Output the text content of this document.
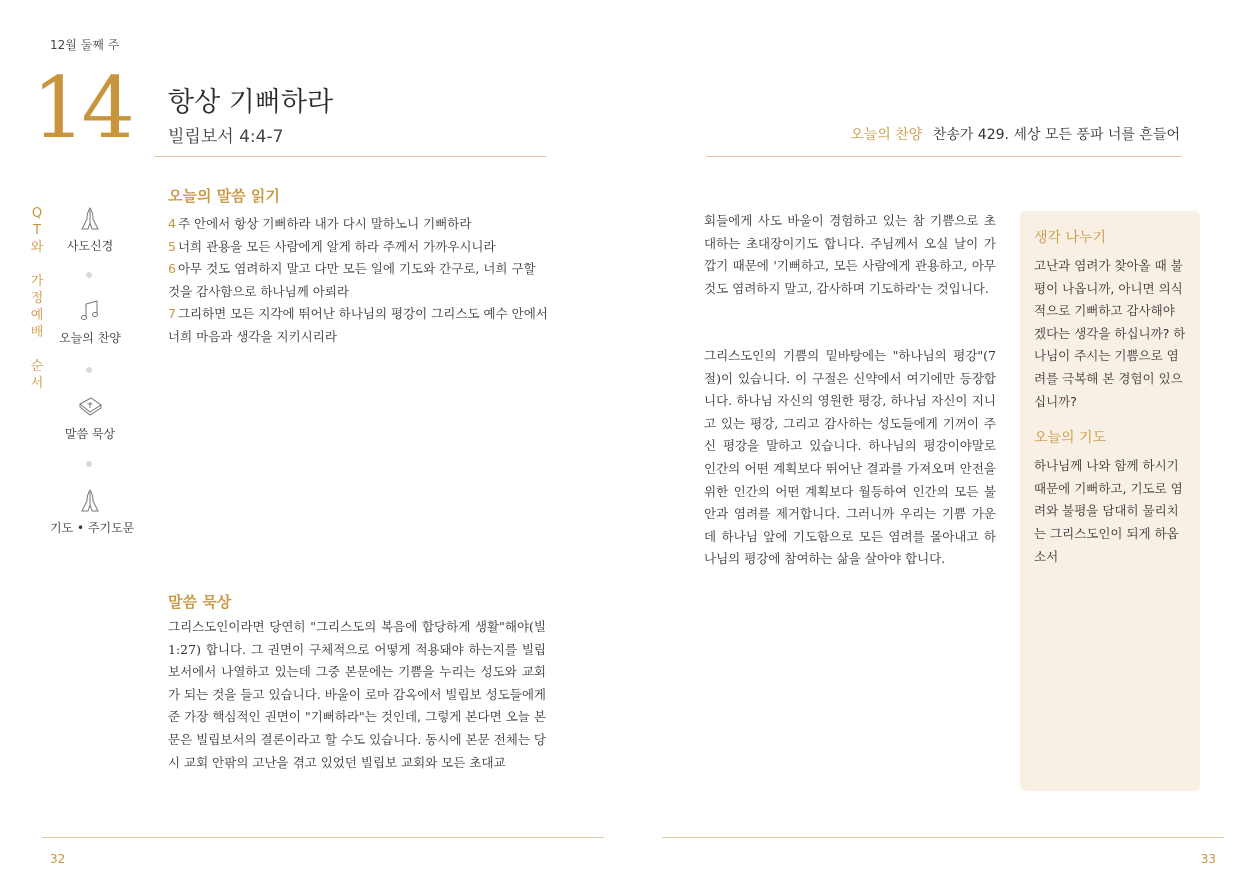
12월 둘째 주
14 항상 기뻐하라
빌립보서 4:4-7	오늘의 찬양 찬송가 429. 세상 모든 풍파 너를 흔들어
Q
T
와
가
정
예
배
순
서
사도신경
오늘의 찬양
말씀 묵상
기도 • 주기도문
오늘의 말씀 읽기
4 주 안에서 항상 기뻐하라 내가 다시 말하노니 기뻐하라
5 너희 관용을 모든 사람에게 알게 하라 주께서 가까우시니라
6 아무 것도 염려하지 말고 다만 모든 일에 기도와 간구로, 너희 구할 것을 감사함으로 하나님께 아뢰라
7 그리하면 모든 지각에 뛰어난 하나님의 평강이 그리스도 예수 안에서 너희 마음과 생각을 지키시리라
말씀 묵상
그리스도인이라면 당연히 "그리스도의 복음에 합당하게 생활"해야(빌1:27) 합니다. 그 권면이 구체적으로 어떻게 적용돼야 하는지를 빌립보서에서 나열하고 있는데 그중 본문에는 기쁨을 누리는 성도와 교회가 되는 것을 들고 있습니다. 바울이 로마 감옥에서 빌립보 성도들에게 준 가장 핵심적인 권면이 "기뻐하라"는 것인데, 그렇게 본다면 오늘 본문은 빌립보서의 결론이라고 할 수도 있습니다. 동시에 본문 전체는 당시 교회 안팎의 고난을 겪고 있었던 빌립보 교회와 모든 초대교
회들에게 사도 바울이 경험하고 있는 참 기쁨으로 초대하는 초대장이기도 합니다. 주님께서 오실 날이 가깝기 때문에 '기뻐하고, 모든 사람에게 관용하고, 아무것도 염려하지 말고, 감사하며 기도하라'는 것입니다.
그리스도인의 기쁨의 밑바탕에는 "하나님의 평강"(7절)이 있습니다. 이 구절은 신약에서 여기에만 등장합니다. 하나님 자신의 영원한 평강, 하나님 자신이 지니고 있는 평강, 그리고 감사하는 성도들에게 기꺼이 주신 평강을 말하고 있습니다. 하나님의 평강이야말로 인간의 어떤 계획보다 뛰어난 결과를 가져오며 안전을 위한 인간의 어떤 계획보다 월등하여 인간의 모든 불안과 염려를 제거합니다. 그러니까 우리는 기쁨 가운데 하나님 앞에 기도함으로 모든 염려를 몰아내고 하나님의 평강에 참여하는 삶을 살아야 합니다.
생각 나누기
고난과 염려가 찾아올 때 불평이 나옵니까, 아니면 의식적으로 기뻐하고 감사해야겠다는 생각을 하십니까? 하나님이 주시는 기쁨으로 염려를 극복해 본 경험이 있으십니까?
오늘의 기도
하나님께 나와 함께 하시기 때문에 기뻐하고, 기도로 염려와 불평을 담대히 물리치는 그리스도인이 되게 하옵소서
32	33
